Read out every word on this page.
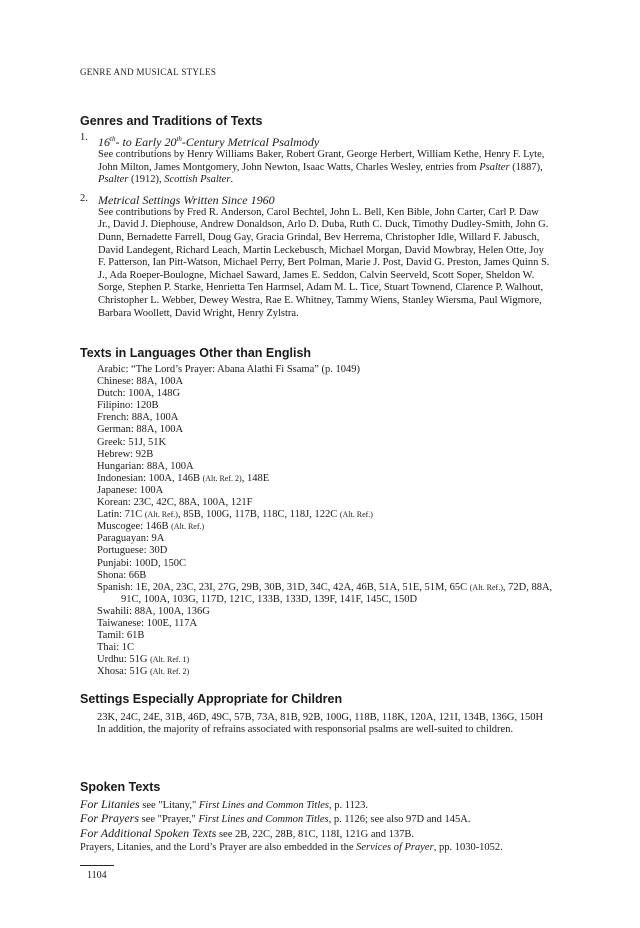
GENRE AND MUSICAL STYLES
Genres and Traditions of Texts
1. 16th- to Early 20th-Century Metrical Psalmody
See contributions by Henry Williams Baker, Robert Grant, George Herbert, William Kethe, Henry F. Lyte, John Milton, James Montgomery, John Newton, Isaac Watts, Charles Wesley, entries from Psalter (1887), Psalter (1912), Scottish Psalter.
2. Metrical Settings Written Since 1960
See contributions by Fred R. Anderson, Carol Bechtel, John L. Bell, Ken Bible, John Carter, Carl P. Daw Jr., David J. Diephouse, Andrew Donaldson, Arlo D. Duba, Ruth C. Duck, Timothy Dudley-Smith, John G. Dunn, Bernadette Farrell, Doug Gay, Gracia Grindal, Bev Herrema, Christopher Idle, Willard F. Jabusch, David Landegent, Richard Leach, Martin Leckebusch, Michael Morgan, David Mowbray, Helen Otte, Joy F. Patterson, Ian Pitt-Watson, Michael Perry, Bert Polman, Marie J. Post, David G. Preston, James Quinn S. J., Ada Roeper-Boulogne, Michael Saward, James E. Seddon, Calvin Seerveld, Scott Soper, Sheldon W. Sorge, Stephen P. Starke, Henrietta Ten Harmsel, Adam M. L. Tice, Stuart Townend, Clarence P. Walhout, Christopher L. Webber, Dewey Westra, Rae E. Whitney, Tammy Wiens, Stanley Wiersma, Paul Wigmore, Barbara Woollett, David Wright, Henry Zylstra.
Texts in Languages Other than English
Arabic: “The Lord’s Prayer: Abana Alathi Fi Ssama” (p. 1049)
Chinese: 88A, 100A
Dutch: 100A, 148G
Filipino: 120B
French: 88A, 100A
German: 88A, 100A
Greek: 51J, 51K
Hebrew: 92B
Hungarian: 88A, 100A
Indonesian: 100A, 146B (Alt. Ref. 2), 148E
Japanese: 100A
Korean: 23C, 42C, 88A, 100A, 121F
Latin: 71C (Alt. Ref.), 85B, 100G, 117B, 118C, 118J, 122C (Alt. Ref.)
Muscogee: 146B (Alt. Ref.)
Paraguayan: 9A
Portuguese: 30D
Punjabi: 100D, 150C
Shona: 66B
Spanish: 1E, 20A, 23C, 23I, 27G, 29B, 30B, 31D, 34C, 42A, 46B, 51A, 51E, 51M, 65C (Alt. Ref.), 72D, 88A, 91C, 100A, 103G, 117D, 121C, 133B, 133D, 139F, 141F, 145C, 150D
Swahili: 88A, 100A, 136G
Taiwanese: 100E, 117A
Tamil: 61B
Thai: 1C
Urdhu: 51G (Alt. Ref. 1)
Xhosa: 51G (Alt. Ref. 2)
Settings Especially Appropriate for Children
23K, 24C, 24E, 31B, 46D, 49C, 57B, 73A, 81B, 92B, 100G, 118B, 118K, 120A, 121I, 134B, 136G, 150H
In addition, the majority of refrains associated with responsorial psalms are well-suited to children.
Spoken Texts
For Litanies see "Litany," First Lines and Common Titles, p. 1123.
For Prayers see "Prayer," First Lines and Common Titles, p. 1126; see also 97D and 145A.
For Additional Spoken Texts see 2B, 22C, 28B, 81C, 118I, 121G and 137B.
Prayers, Litanies, and the Lord’s Prayer are also embedded in the Services of Prayer, pp. 1030-1052.
1104
